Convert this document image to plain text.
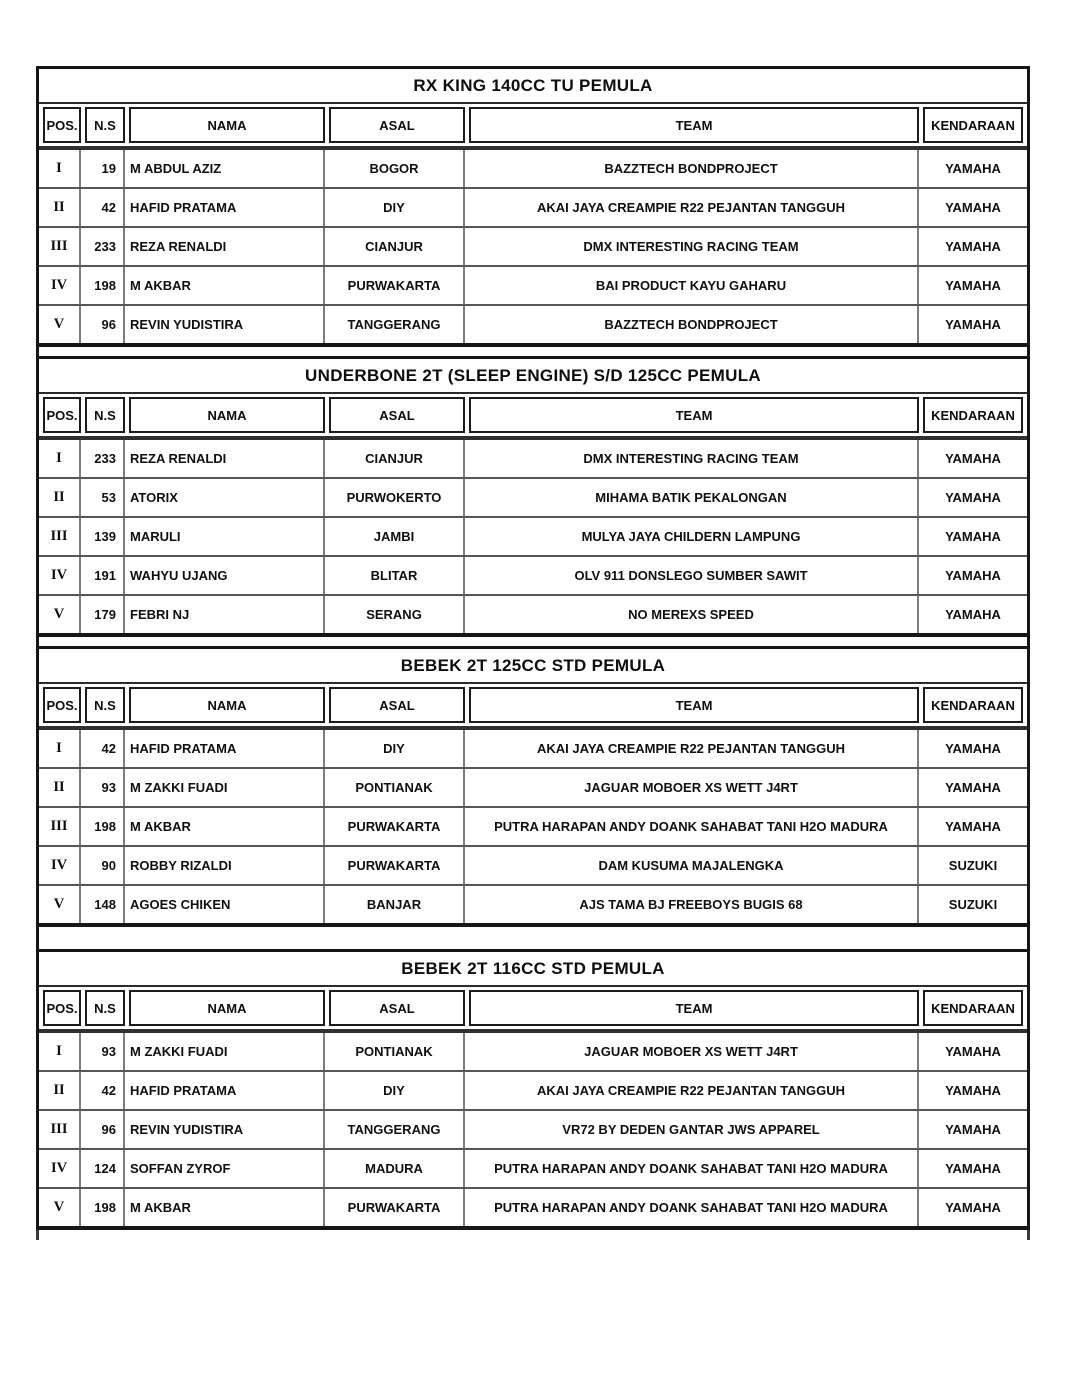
RX KING 140CC TU PEMULA
POS.	N.S	NAMA	ASAL	TEAM	KENDARAAN
I	19	M ABDUL AZIZ	BOGOR	BAZZTECH BONDPROJECT	YAMAHA
II	42	HAFID PRATAMA	DIY	AKAI JAYA CREAMPIE R22 PEJANTAN TANGGUH	YAMAHA
III	233	REZA RENALDI	CIANJUR	DMX INTERESTING RACING TEAM	YAMAHA
IV	198	M AKBAR	PURWAKARTA	BAI PRODUCT KAYU GAHARU	YAMAHA
V	96	REVIN YUDISTIRA	TANGGERANG	BAZZTECH BONDPROJECT	YAMAHA
UNDERBONE 2T (SLEEP ENGINE) S/D 125CC PEMULA
POS.	N.S	NAMA	ASAL	TEAM	KENDARAAN
I	233	REZA RENALDI	CIANJUR	DMX INTERESTING RACING TEAM	YAMAHA
II	53	ATORIX	PURWOKERTO	MIHAMA BATIK PEKALONGAN	YAMAHA
III	139	MARULI	JAMBI	MULYA JAYA CHILDERN LAMPUNG	YAMAHA
IV	191	WAHYU UJANG	BLITAR	OLV 911 DONSLEGO SUMBER SAWIT	YAMAHA
V	179	FEBRI NJ	SERANG	NO MEREXS SPEED	YAMAHA
BEBEK 2T 125CC STD PEMULA
POS.	N.S	NAMA	ASAL	TEAM	KENDARAAN
I	42	HAFID PRATAMA	DIY	AKAI JAYA CREAMPIE R22 PEJANTAN TANGGUH	YAMAHA
II	93	M ZAKKI FUADI	PONTIANAK	JAGUAR MOBOER XS WETT J4RT	YAMAHA
III	198	M AKBAR	PURWAKARTA	PUTRA HARAPAN ANDY DOANK SAHABAT TANI H2O MADURA	YAMAHA
IV	90	ROBBY RIZALDI	PURWAKARTA	DAM KUSUMA MAJALENGKA	SUZUKI
V	148	AGOES CHIKEN	BANJAR	AJS TAMA BJ FREEBOYS BUGIS 68	SUZUKI
BEBEK 2T 116CC STD PEMULA
POS.	N.S	NAMA	ASAL	TEAM	KENDARAAN
I	93	M ZAKKI FUADI	PONTIANAK	JAGUAR MOBOER XS WETT J4RT	YAMAHA
II	42	HAFID PRATAMA	DIY	AKAI JAYA CREAMPIE R22 PEJANTAN TANGGUH	YAMAHA
III	96	REVIN YUDISTIRA	TANGGERANG	VR72 BY DEDEN GANTAR JWS APPAREL	YAMAHA
IV	124	SOFFAN ZYROF	MADURA	PUTRA HARAPAN ANDY DOANK SAHABAT TANI H2O MADURA	YAMAHA
V	198	M AKBAR	PURWAKARTA	PUTRA HARAPAN ANDY DOANK SAHABAT TANI H2O MADURA	YAMAHA
